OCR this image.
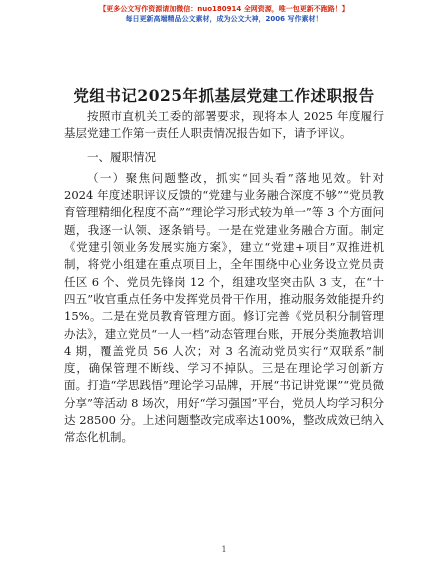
【更多公文写作资源请加微信：nuo180914 全网资源，唯一包更新不跑路！】
每日更新高端精品公文素材，成为公文大神，2006 写作素材！
党组书记2025年抓基层党建工作述职报告

按照市直机关工委的部署要求，现将本人 2025 年度履行基层党建工作第一责任人职责情况报告如下，请予评议。

一、履职情况

（一）聚焦问题整改，抓实“回头看”落地见效。针对 2024 年度述职评议反馈的“党建与业务融合深度不够”“党员教育管理精细化程度不高”“理论学习形式较为单一”等 3 个方面问题，我逐一认领、逐条销号。一是在党建业务融合方面。制定《党建引领业务发展实施方案》，建立“党建+项目”双推进机制，将党小组建在重点项目上，全年围绕中心业务设立党员责任区 6 个、党员先锋岗 12 个，组建攻坚突击队 3 支，在“十四五”收官重点任务中发挥党员骨干作用，推动服务效能提升约 15%。二是在党员教育管理方面。修订完善《党员积分制管理办法》，建立党员“一人一档”动态管理台账，开展分类施教培训 4 期，覆盖党员 56 人次；对 3 名流动党员实行“双联系”制度，确保管理不断线、学习不掉队。三是在理论学习创新方面。打造“学思践悟”理论学习品牌，开展“书记讲党课”“党员微分享”等活动 8 场次，用好“学习强国”平台，党员人均学习积分达 28500 分。上述问题整改完成率达100%，整改成效已纳入常态化机制。

1
